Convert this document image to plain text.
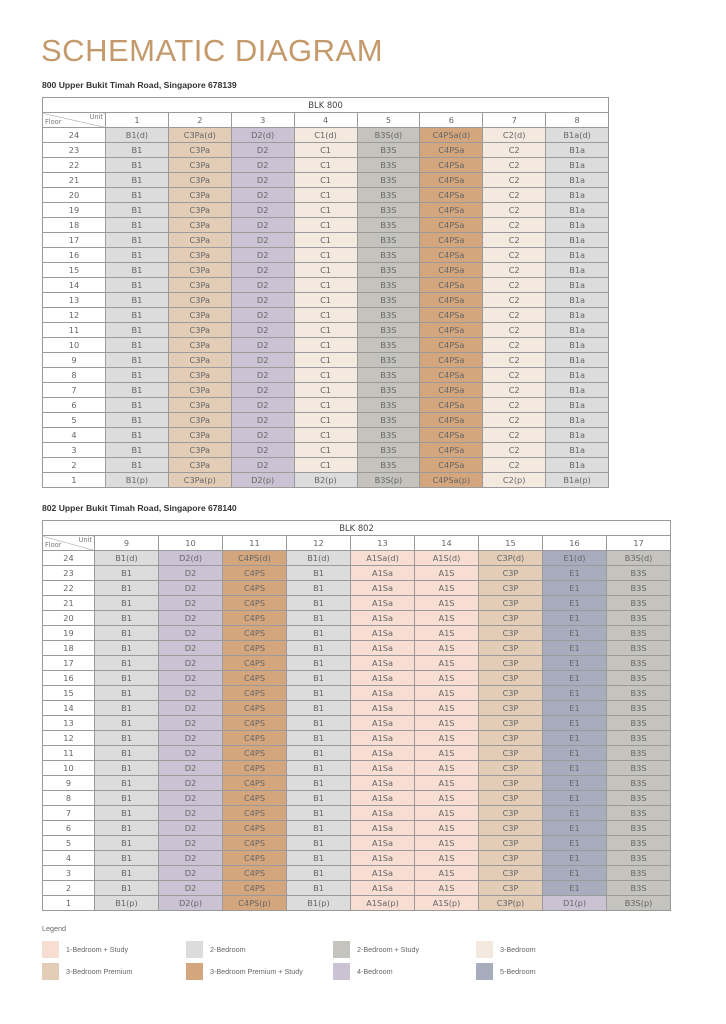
SCHEMATIC DIAGRAM
800 Upper Bukit Timah Road, Singapore 678139
BLK 800								

Floor
Unit	1	2	3	4	5	6	7	8
24	B1(d)	C3Pa(d)	D2(d)	C1(d)	B3S(d)	C4PSa(d)	C2(d)	B1a(d)
23	B1	C3Pa	D2	C1	B3S	C4PSa	C2	B1a
22	B1	C3Pa	D2	C1	B3S	C4PSa	C2	B1a
21	B1	C3Pa	D2	C1	B3S	C4PSa	C2	B1a
20	B1	C3Pa	D2	C1	B3S	C4PSa	C2	B1a
19	B1	C3Pa	D2	C1	B3S	C4PSa	C2	B1a
18	B1	C3Pa	D2	C1	B3S	C4PSa	C2	B1a
17	B1	C3Pa	D2	C1	B3S	C4PSa	C2	B1a
16	B1	C3Pa	D2	C1	B3S	C4PSa	C2	B1a
15	B1	C3Pa	D2	C1	B3S	C4PSa	C2	B1a
14	B1	C3Pa	D2	C1	B3S	C4PSa	C2	B1a
13	B1	C3Pa	D2	C1	B3S	C4PSa	C2	B1a
12	B1	C3Pa	D2	C1	B3S	C4PSa	C2	B1a
11	B1	C3Pa	D2	C1	B3S	C4PSa	C2	B1a
10	B1	C3Pa	D2	C1	B3S	C4PSa	C2	B1a
9	B1	C3Pa	D2	C1	B3S	C4PSa	C2	B1a
8	B1	C3Pa	D2	C1	B3S	C4PSa	C2	B1a
7	B1	C3Pa	D2	C1	B3S	C4PSa	C2	B1a
6	B1	C3Pa	D2	C1	B3S	C4PSa	C2	B1a
5	B1	C3Pa	D2	C1	B3S	C4PSa	C2	B1a
4	B1	C3Pa	D2	C1	B3S	C4PSa	C2	B1a
3	B1	C3Pa	D2	C1	B3S	C4PSa	C2	B1a
2	B1	C3Pa	D2	C1	B3S	C4PSa	C2	B1a
1	B1(p)	C3Pa(p)	D2(p)	B2(p)	B3S(p)	C4PSa(p)	C2(p)	B1a(p)
802 Upper Bukit Timah Road, Singapore 678140
BLK 802									

Floor
Unit	9	10	11	12	13	14	15	16	17
24	B1(d)	D2(d)	C4PS(d)	B1(d)	A1Sa(d)	A1S(d)	C3P(d)	E1(d)	B3S(d)
23	B1	D2	C4PS	B1	A1Sa	A1S	C3P	E1	B3S
22	B1	D2	C4PS	B1	A1Sa	A1S	C3P	E1	B3S
21	B1	D2	C4PS	B1	A1Sa	A1S	C3P	E1	B3S
20	B1	D2	C4PS	B1	A1Sa	A1S	C3P	E1	B3S
19	B1	D2	C4PS	B1	A1Sa	A1S	C3P	E1	B3S
18	B1	D2	C4PS	B1	A1Sa	A1S	C3P	E1	B3S
17	B1	D2	C4PS	B1	A1Sa	A1S	C3P	E1	B3S
16	B1	D2	C4PS	B1	A1Sa	A1S	C3P	E1	B3S
15	B1	D2	C4PS	B1	A1Sa	A1S	C3P	E1	B3S
14	B1	D2	C4PS	B1	A1Sa	A1S	C3P	E1	B3S
13	B1	D2	C4PS	B1	A1Sa	A1S	C3P	E1	B3S
12	B1	D2	C4PS	B1	A1Sa	A1S	C3P	E1	B3S
11	B1	D2	C4PS	B1	A1Sa	A1S	C3P	E1	B3S
10	B1	D2	C4PS	B1	A1Sa	A1S	C3P	E1	B3S
9	B1	D2	C4PS	B1	A1Sa	A1S	C3P	E1	B3S
8	B1	D2	C4PS	B1	A1Sa	A1S	C3P	E1	B3S
7	B1	D2	C4PS	B1	A1Sa	A1S	C3P	E1	B3S
6	B1	D2	C4PS	B1	A1Sa	A1S	C3P	E1	B3S
5	B1	D2	C4PS	B1	A1Sa	A1S	C3P	E1	B3S
4	B1	D2	C4PS	B1	A1Sa	A1S	C3P	E1	B3S
3	B1	D2	C4PS	B1	A1Sa	A1S	C3P	E1	B3S
2	B1	D2	C4PS	B1	A1Sa	A1S	C3P	E1	B3S
1	B1(p)	D2(p)	C4PS(p)	B1(p)	A1Sa(p)	A1S(p)	C3P(p)	D1(p)	B3S(p)
Legend
1-Bedroom + Study	2-Bedroom	2-Bedroom + Study	3-Bedroom
3-Bedroom Premium	3-Bedroom Premium + Study	4-Bedroom	5-Bedroom
